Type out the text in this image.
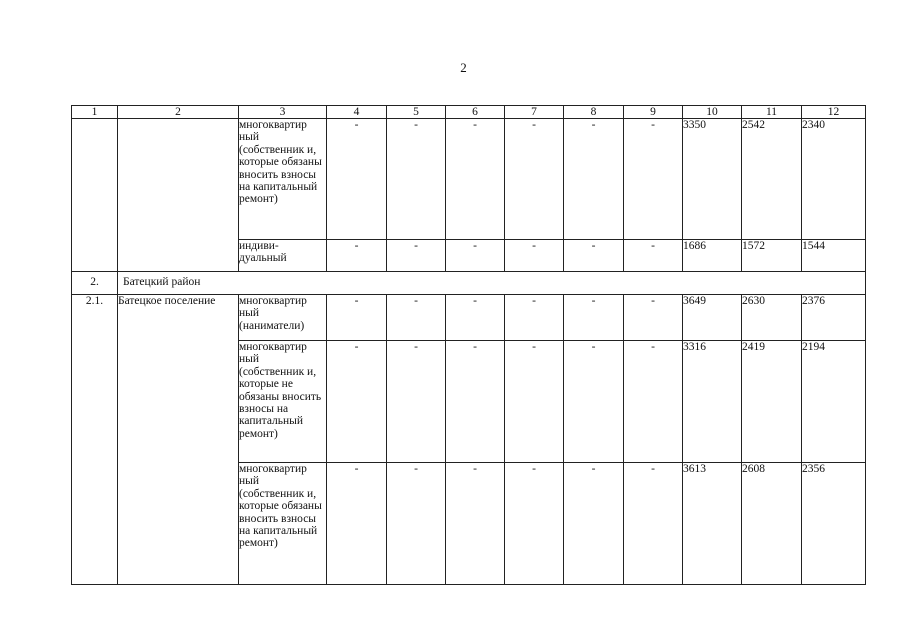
2
1	2	3	4	5	6	7	8	9	10	11	12
		многоквартир ный (собственник и, которые обязаны вносить взносы на капитальный ремонт)	-	-	-	-	-	-	3350	2542	2340
		индиви- дуальный	-	-	-	-	-	-	1686	1572	1544
2.	Батецкий район										
2.1.	Батецкое поселение	многоквартир ный (наниматели)	-	-	-	-	-	-	3649	2630	2376
		многоквартир ный (собственник и, которые не обязаны вносить взносы на капитальный ремонт)	-	-	-	-	-	-	3316	2419	2194
		многоквартир ный (собственник и, которые обязаны вносить взносы на капитальный ремонт)	-	-	-	-	-	-	3613	2608	2356
